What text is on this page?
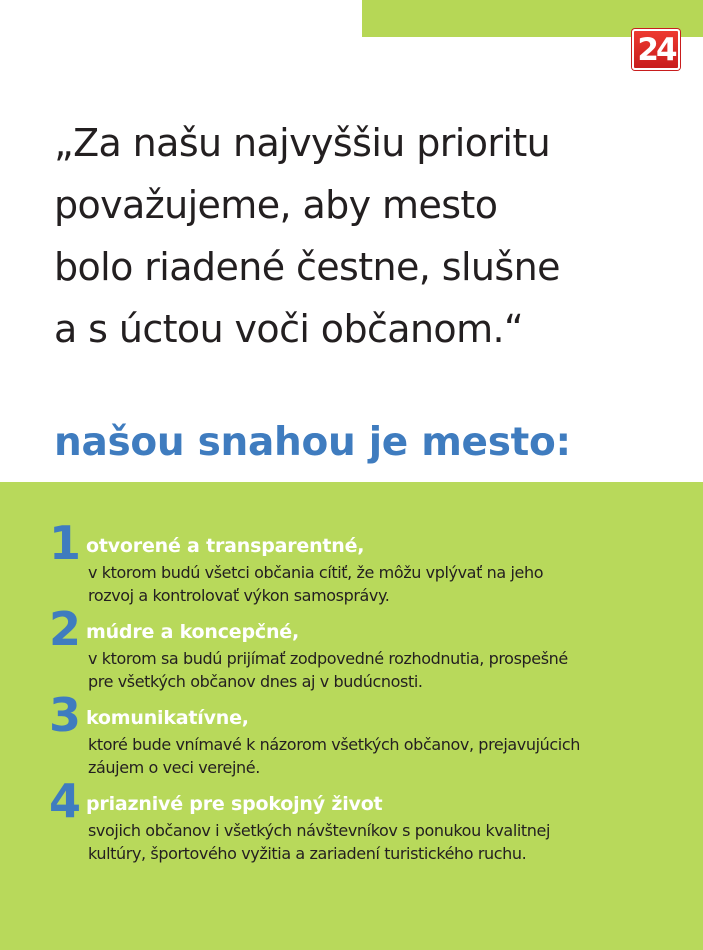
24
„Za našu najvyššiu prioritu
považujeme, aby mesto
bolo riadené čestne, slušne
a s úctou voči občanom.“
našou snahou je mesto:
1 otvorené a transparentné,
v ktorom budú všetci občania cítiť, že môžu vplývať na jeho
rozvoj a kontrolovať výkon samosprávy.
2 múdre a koncepčné,
v ktorom sa budú prijímať zodpovedné rozhodnutia, prospešné
pre všetkých občanov dnes aj v budúcnosti.
3 komunikatívne,
ktoré bude vnímavé k názorom všetkých občanov, prejavujúcich
záujem o veci verejné.
4 priaznivé pre spokojný život
svojich občanov i všetkých návštevníkov s ponukou kvalitnej
kultúry, športového vyžitia a zariadení turistického ruchu.
